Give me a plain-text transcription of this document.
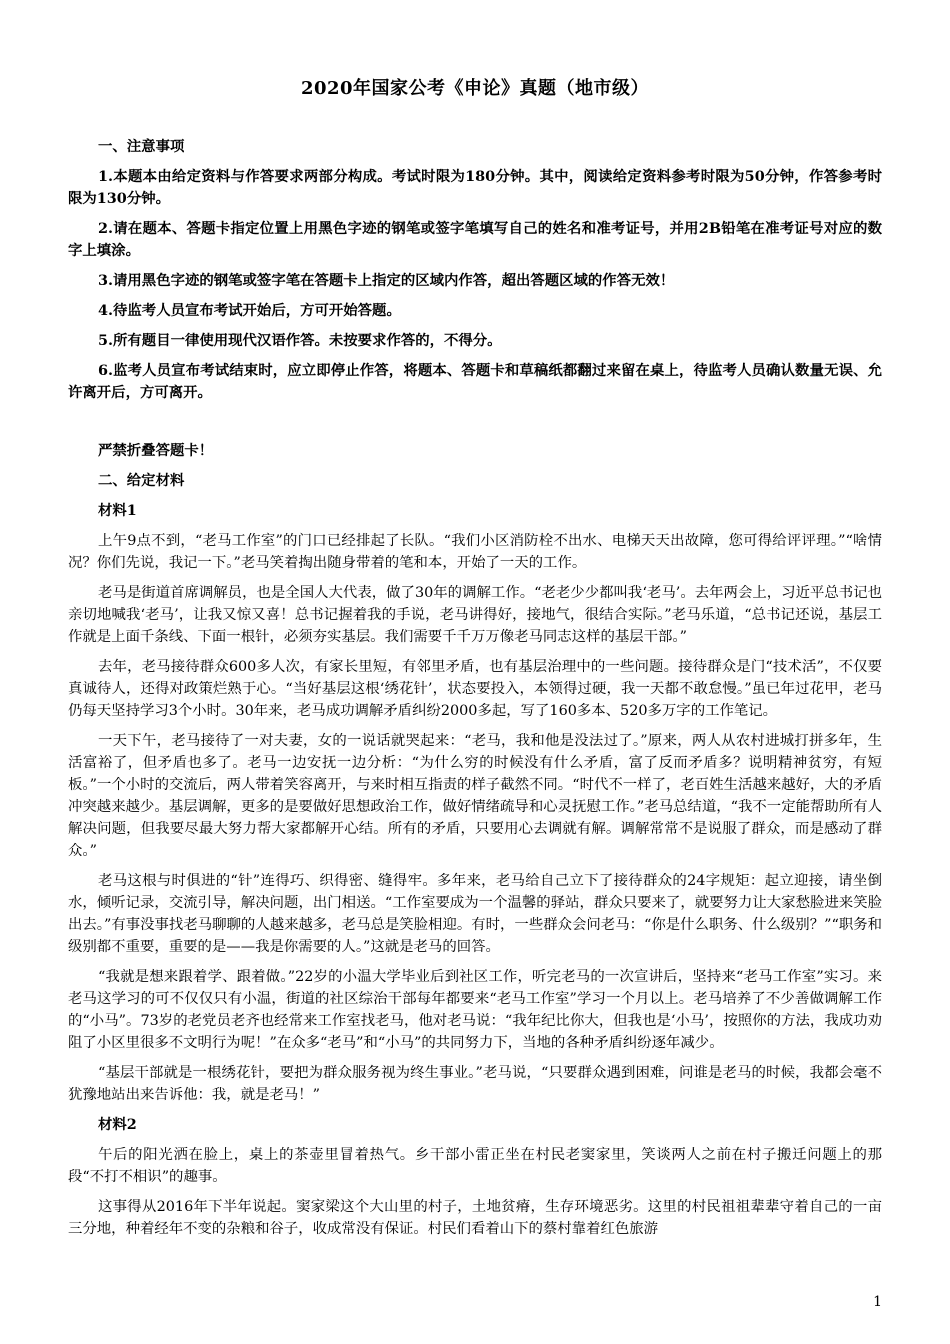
2020年国家公考《申论》真题（地市级）
一、注意事项

1.本题本由给定资料与作答要求两部分构成。考试时限为180分钟。其中，阅读给定资料参考时限为50分钟，作答参考时限为130分钟。

2.请在题本、答题卡指定位置上用黑色字迹的钢笔或签字笔填写自己的姓名和准考证号，并用2B铅笔在准考证号对应的数字上填涂。

3.请用黑色字迹的钢笔或签字笔在答题卡上指定的区域内作答，超出答题区域的作答无效！

4.待监考人员宣布考试开始后，方可开始答题。

5.所有题目一律使用现代汉语作答。未按要求作答的，不得分。

6.监考人员宣布考试结束时，应立即停止作答，将题本、答题卡和草稿纸都翻过来留在桌上，待监考人员确认数量无误、允许离开后，方可离开。

严禁折叠答题卡！
二、给定材料
材料1

上午9点不到，“老马工作室”的门口已经排起了长队。“我们小区消防栓不出水、电梯天天出故障，您可得给评评理。”“啥情况？你们先说，我记一下。”老马笑着掏出随身带着的笔和本，开始了一天的工作。

老马是街道首席调解员，也是全国人大代表，做了30年的调解工作。“老老少少都叫我‘老马’。去年两会上，习近平总书记也亲切地喊我‘老马’，让我又惊又喜！总书记握着我的手说，老马讲得好，接地气，很结合实际。”老马乐道，“总书记还说，基层工作就是上面千条线、下面一根针，必须夯实基层。我们需要千千万万像老马同志这样的基层干部。”

去年，老马接待群众600多人次，有家长里短，有邻里矛盾，也有基层治理中的一些问题。接待群众是门“技术活”，不仅要真诚待人，还得对政策烂熟于心。“当好基层这根‘绣花针’，状态要投入，本领得过硬，我一天都不敢怠慢。”虽已年过花甲，老马仍每天坚持学习3个小时。30年来，老马成功调解矛盾纠纷2000多起，写了160多本、520多万字的工作笔记。

一天下午，老马接待了一对夫妻，女的一说话就哭起来：“老马，我和他是没法过了。”原来，两人从农村进城打拼多年，生活富裕了，但矛盾也多了。老马一边安抚一边分析：“为什么穷的时候没有什么矛盾，富了反而矛盾多？说明精神贫穷，有短板。”一个小时的交流后，两人带着笑容离开，与来时相互指责的样子截然不同。“时代不一样了，老百姓生活越来越好，大的矛盾冲突越来越少。基层调解，更多的是要做好思想政治工作，做好情绪疏导和心灵抚慰工作。”老马总结道，“我不一定能帮助所有人解决问题，但我要尽最大努力帮大家都解开心结。所有的矛盾，只要用心去调就有解。调解常常不是说服了群众，而是感动了群众。”

老马这根与时俱进的“针”连得巧、织得密、缝得牢。多年来，老马给自己立下了接待群众的24字规矩：起立迎接，请坐倒水，倾听记录，交流引导，解决问题，出门相送。“工作室要成为一个温馨的驿站，群众只要来了，就要努力让大家愁脸进来笑脸出去。”有事没事找老马聊聊的人越来越多，老马总是笑脸相迎。有时，一些群众会问老马：“你是什么职务、什么级别？”“职务和级别都不重要，重要的是——我是你需要的人。”这就是老马的回答。

“我就是想来跟着学、跟着做。”22岁的小温大学毕业后到社区工作，听完老马的一次宣讲后，坚持来“老马工作室”实习。来老马这学习的可不仅仅只有小温，街道的社区综治干部每年都要来“老马工作室”学习一个月以上。老马培养了不少善做调解工作的“小马”。73岁的老党员老齐也经常来工作室找老马，他对老马说：“我年纪比你大，但我也是‘小马’，按照你的方法，我成功劝阻了小区里很多不文明行为呢！”在众多“老马”和“小马”的共同努力下，当地的各种矛盾纠纷逐年减少。

“基层干部就是一根绣花针，要把为群众服务视为终生事业。”老马说，“只要群众遇到困难，问谁是老马的时候，我都会毫不犹豫地站出来告诉他：我，就是老马！”

材料2

午后的阳光洒在脸上，桌上的茶壶里冒着热气。乡干部小雷正坐在村民老窦家里，笑谈两人之前在村子搬迁问题上的那段“不打不相识”的趣事。

这事得从2016年下半年说起。窦家梁这个大山里的村子，土地贫瘠，生存环境恶劣。这里的村民祖祖辈辈守着自己的一亩三分地，种着经年不变的杂粮和谷子，收成常没有保证。村民们看着山下的蔡村靠着红色旅游

1
